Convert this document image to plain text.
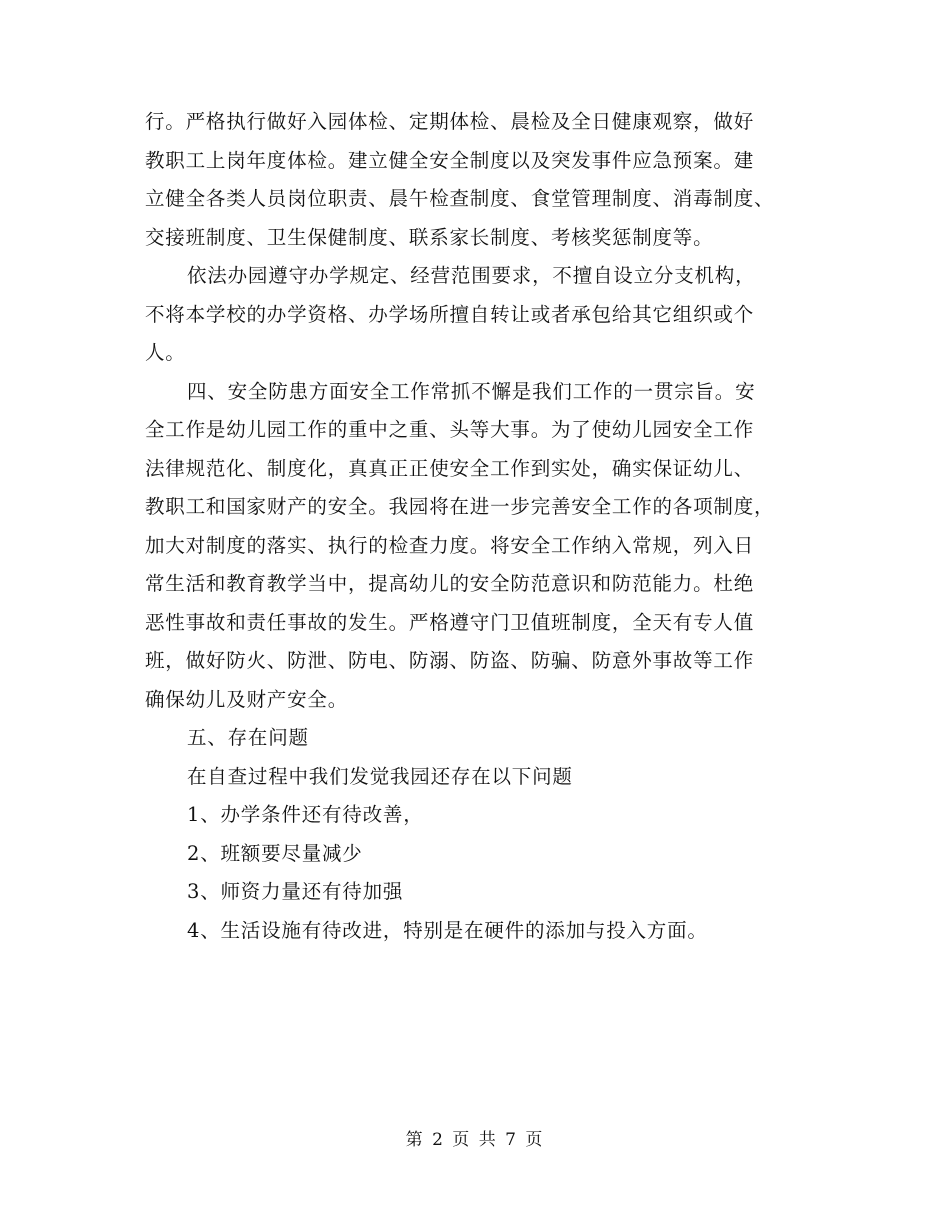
行。严格执行做好入园体检、定期体检、晨检及全日健康观察，做好
教职工上岗年度体检。建立健全安全制度以及突发事件应急预案。建
立健全各类人员岗位职责、晨午检查制度、食堂管理制度、消毒制度、
交接班制度、卫生保健制度、联系家长制度、考核奖惩制度等。
依法办园遵守办学规定、经营范围要求，不擅自设立分支机构，
不将本学校的办学资格、办学场所擅自转让或者承包给其它组织或个
人。
四、安全防患方面安全工作常抓不懈是我们工作的一贯宗旨。安
全工作是幼儿园工作的重中之重、头等大事。为了使幼儿园安全工作
法律规范化、制度化，真真正正使安全工作到实处，确实保证幼儿、
教职工和国家财产的安全。我园将在进一步完善安全工作的各项制度，
加大对制度的落实、执行的检查力度。将安全工作纳入常规，列入日
常生活和教育教学当中，提高幼儿的安全防范意识和防范能力。杜绝
恶性事故和责任事故的发生。严格遵守门卫值班制度，全天有专人值
班，做好防火、防泄、防电、防溺、防盗、防骗、防意外事故等工作
确保幼儿及财产安全。
五、存在问题
在自查过程中我们发觉我园还存在以下问题
1、办学条件还有待改善，
2、班额要尽量减少
3、师资力量还有待加强
4、生活设施有待改进，特别是在硬件的添加与投入方面。
第 2 页 共 7 页
